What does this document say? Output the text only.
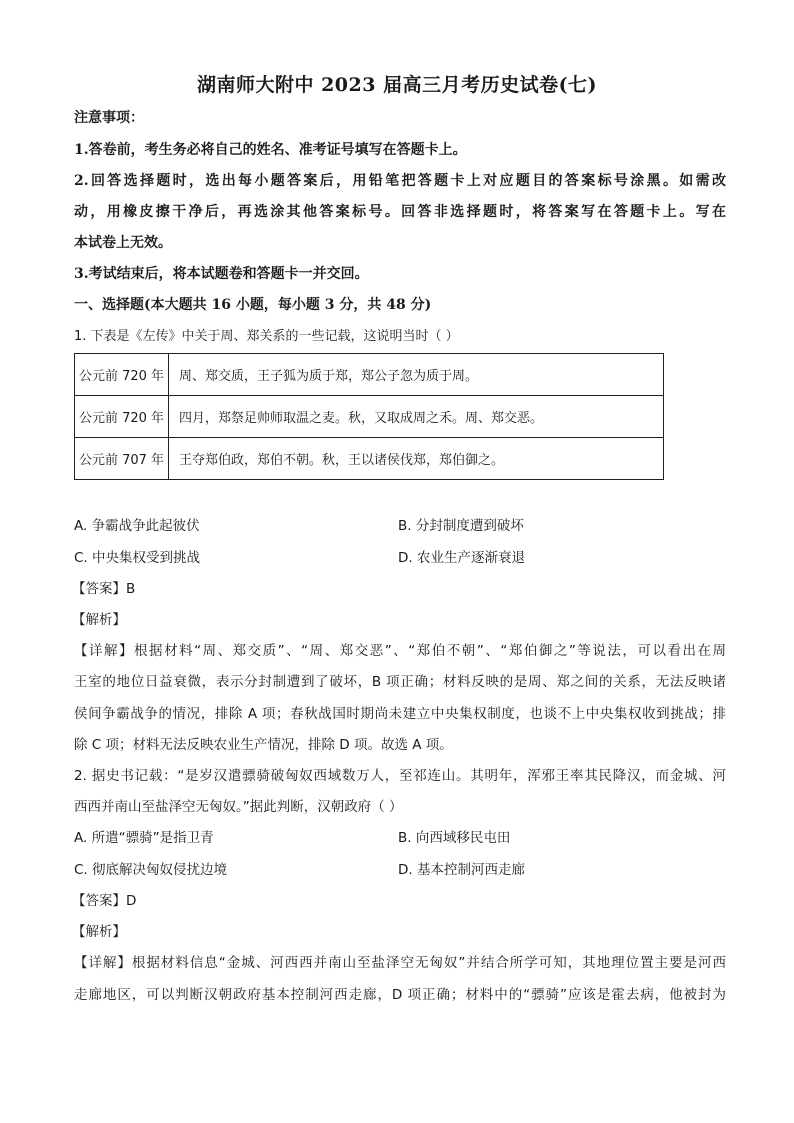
湖南师大附中 2023 届高三月考历史试卷(七)
注意事项：
1.答卷前，考生务必将自己的姓名、准考证号填写在答题卡上。
2.回答选择题时，选出每小题答案后，用铅笔把答题卡上对应题目的答案标号涂黑。如需改
动，用橡皮擦干净后，再选涂其他答案标号。回答非选择题时，将答案写在答题卡上。写在
本试卷上无效。
3.考试结束后，将本试题卷和答题卡一并交回。
一、选择题(本大题共 16 小题，每小题 3 分，共 48 分)
1. 下表是《左传》中关于周、郑关系的一些记载，这说明当时（ ）
公元前 720 年	周、郑交质，王子狐为质于郑，郑公子忽为质于周。
公元前 720 年	四月，郑祭足帅师取温之麦。秋，又取成周之禾。周、郑交恶。
公元前 707 年	王夺郑伯政，郑伯不朝。秋，王以诸侯伐郑，郑伯御之。
A. 争霸战争此起彼伏	B. 分封制度遭到破坏
C. 中央集权受到挑战	D. 农业生产逐渐衰退
【答案】B
【解析】
【详解】根据材料“周、郑交质”、“周、郑交恶”、“郑伯不朝”、“郑伯御之”等说法，可以看出在周
王室的地位日益衰微，表示分封制遭到了破坏，B 项正确；材料反映的是周、郑之间的关系，无法反映诸
侯间争霸战争的情况，排除 A 项；春秋战国时期尚未建立中央集权制度，也谈不上中央集权收到挑战；排
除 C 项；材料无法反映农业生产情况，排除 D 项。故选 A 项。
2. 据史书记载：“是岁汉遣骠骑破匈奴西域数万人，至祁连山。其明年，浑邪王率其民降汉，而金城、河
西西并南山至盐泽空无匈奴。”据此判断，汉朝政府（ ）
A. 所遣“骠骑”是指卫青	B. 向西域移民屯田
C. 彻底解决匈奴侵扰边境	D. 基本控制河西走廊
【答案】D
【解析】
【详解】根据材料信息“金城、河西西并南山至盐泽空无匈奴”并结合所学可知，其地理位置主要是河西
走廊地区，可以判断汉朝政府基本控制河西走廊，D 项正确；材料中的“骠骑”应该是霍去病，他被封为
